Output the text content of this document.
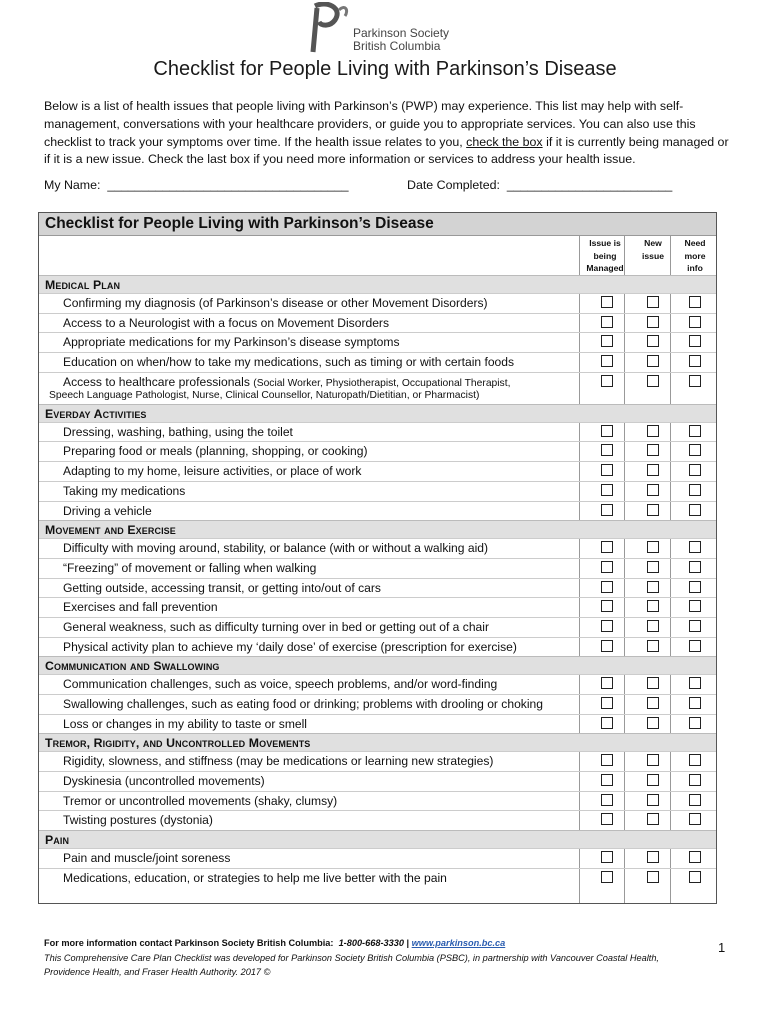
Parkinson Society
British Columbia
Checklist for People Living with Parkinson’s Disease
Below is a list of health issues that people living with Parkinson’s (PWP) may experience. This list may help with self-management, conversations with your healthcare providers, or guide you to appropriate services. You can also use this checklist to track your symptoms over time. If the health issue relates to you, check the box if it is currently being managed or if it is a new issue. Check the last box if you need more information or services to address your health issue.
My Name: ___________________________________	Date Completed: ________________________
Checklist for People Living with Parkinson’s Disease
Issue is being Managed
New issue
Need more info
Medical Plan
Confirming my diagnosis (of Parkinson’s disease or other Movement Disorders)
Access to a Neurologist with a focus on Movement Disorders
Appropriate medications for my Parkinson’s disease symptoms
Education on when/how to take my medications, such as timing or with certain foods
Access to healthcare professionals (Social Worker, Physiotherapist, Occupational Therapist,
Speech Language Pathologist, Nurse, Clinical Counsellor, Naturopath/Dietitian, or Pharmacist)
Everday Activities
Dressing, washing, bathing, using the toilet
Preparing food or meals (planning, shopping, or cooking)
Adapting to my home, leisure activities, or place of work
Taking my medications
Driving a vehicle
Movement and Exercise
Difficulty with moving around, stability, or balance (with or without a walking aid)
“Freezing” of movement or falling when walking
Getting outside, accessing transit, or getting into/out of cars
Exercises and fall prevention
General weakness, such as difficulty turning over in bed or getting out of a chair
Physical activity plan to achieve my ‘daily dose’ of exercise (prescription for exercise)
Communication and Swallowing
Communication challenges, such as voice, speech problems, and/or word-finding
Swallowing challenges, such as eating food or drinking; problems with drooling or choking
Loss or changes in my ability to taste or smell
Tremor, Rigidity, and Uncontrolled Movements
Rigidity, slowness, and stiffness (may be medications or learning new strategies)
Dyskinesia (uncontrolled movements)
Tremor or uncontrolled movements (shaky, clumsy)
Twisting postures (dystonia)
Pain
Pain and muscle/joint soreness
Medications, education, or strategies to help me live better with the pain
For more information contact Parkinson Society British Columbia: 1-800-668-3330 | www.parkinson.bc.ca
This Comprehensive Care Plan Checklist was developed for Parkinson Society British Columbia (PSBC), in partnership with Vancouver Coastal Health, Providence Health, and Fraser Health Authority. 2017 ©
1
